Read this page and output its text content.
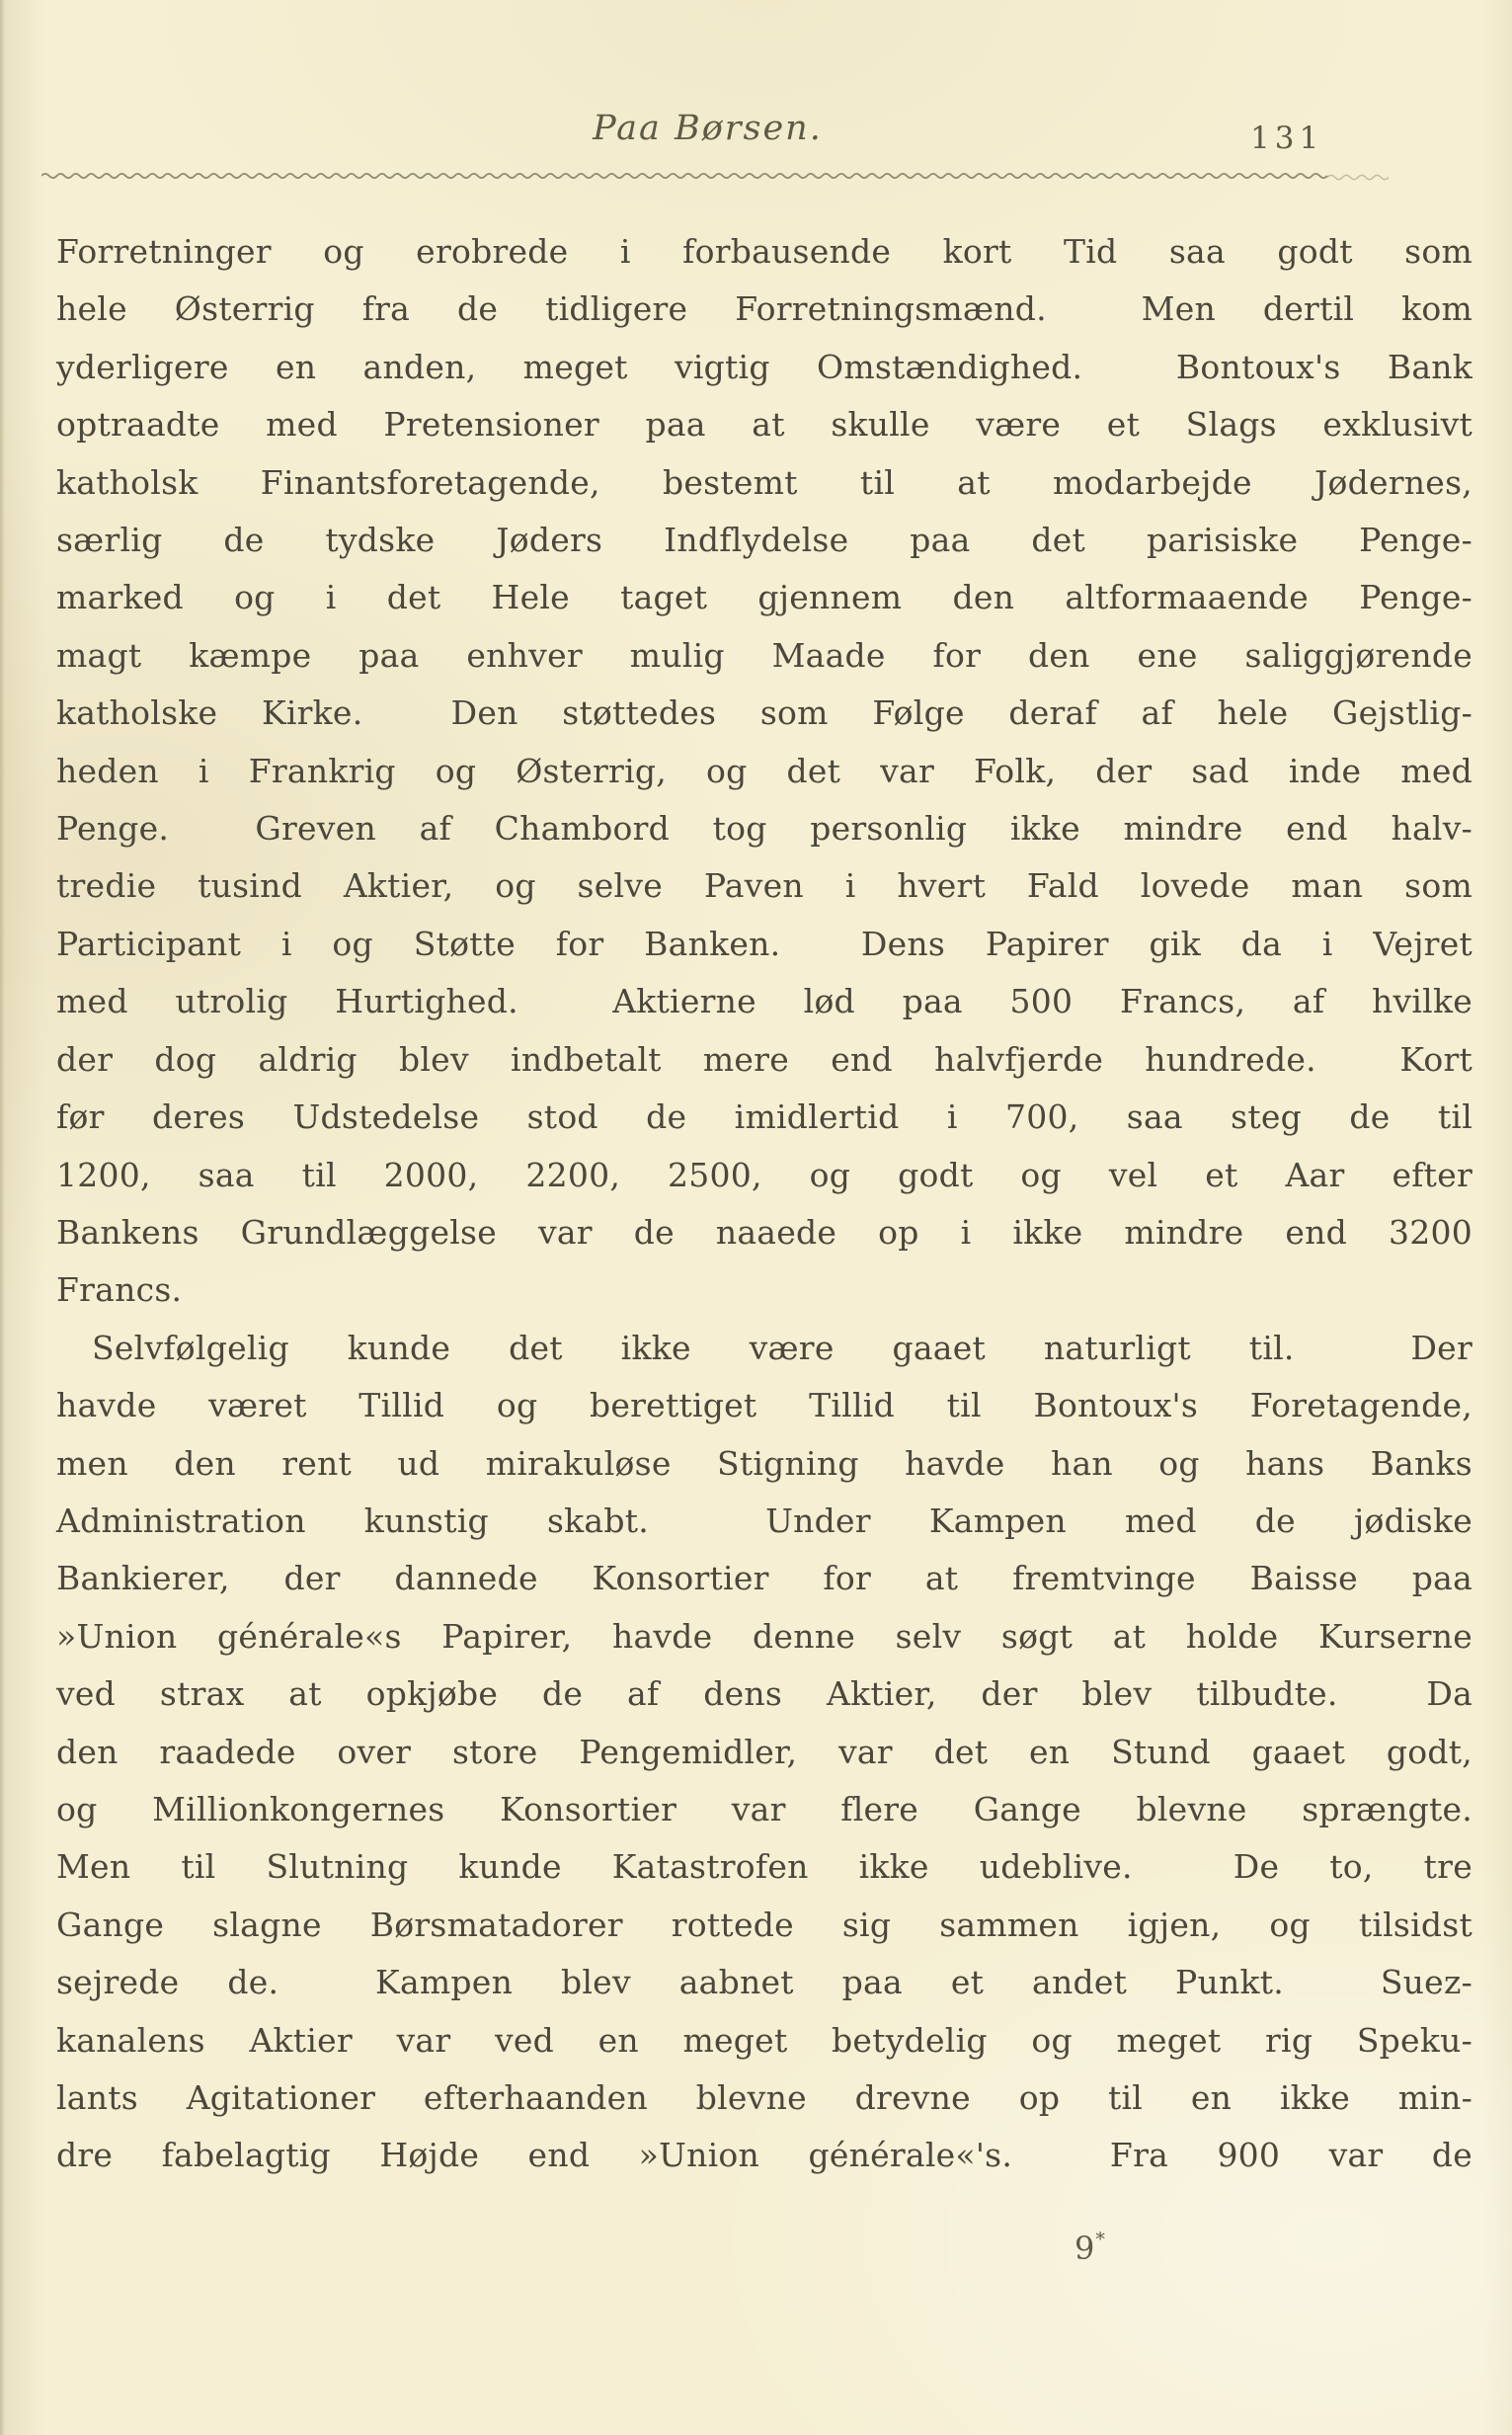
Paa Børsen.	131
Forretninger og erobrede i forbausende kort Tid saa godt som
hele Østerrig fra de tidligere Forretningsmænd.  Men dertil kom
yderligere en anden, meget vigtig Omstændighed.  Bontoux's Bank
optraadte med Pretensioner paa at skulle være et Slags exklusivt
katholsk Finantsforetagende, bestemt til at modarbejde Jødernes,
særlig de tydske Jøders Indflydelse paa det parisiske Penge-
marked og i det Hele taget gjennem den altformaaende Penge-
magt kæmpe paa enhver mulig Maade for den ene saliggjørende
katholske Kirke.  Den støttedes som Følge deraf af hele Gejstlig-
heden i Frankrig og Østerrig, og det var Folk, der sad inde med
Penge.  Greven af Chambord tog personlig ikke mindre end halv-
tredie tusind Aktier, og selve Paven i hvert Fald lovede man som
Participant i og Støtte for Banken.  Dens Papirer gik da i Vejret
med utrolig Hurtighed.  Aktierne lød paa 500 Francs, af hvilke
der dog aldrig blev indbetalt mere end halvfjerde hundrede.  Kort
før deres Udstedelse stod de imidlertid i 700, saa steg de til
1200, saa til 2000, 2200, 2500, og godt og vel et Aar efter
Bankens Grundlæggelse var de naaede op i ikke mindre end 3200
Francs.
Selvfølgelig kunde det ikke være gaaet naturligt til.  Der
havde været Tillid og berettiget Tillid til Bontoux's Foretagende,
men den rent ud mirakuløse Stigning havde han og hans Banks
Administration kunstig skabt.  Under Kampen med de jødiske
Bankierer, der dannede Konsortier for at fremtvinge Baisse paa
»Union générale«s Papirer, havde denne selv søgt at holde Kurserne
ved strax at opkjøbe de af dens Aktier, der blev tilbudte.  Da
den raadede over store Pengemidler, var det en Stund gaaet godt,
og Millionkongernes Konsortier var flere Gange blevne sprængte.
Men til Slutning kunde Katastrofen ikke udeblive.  De to, tre
Gange slagne Børsmatadorer rottede sig sammen igjen, og tilsidst
sejrede de.  Kampen blev aabnet paa et andet Punkt.  Suez-
kanalens Aktier var ved en meget betydelig og meget rig Speku-
lants Agitationer efterhaanden blevne drevne op til en ikke min-
dre fabelagtig Højde end »Union générale«'s.  Fra 900 var de
9*
